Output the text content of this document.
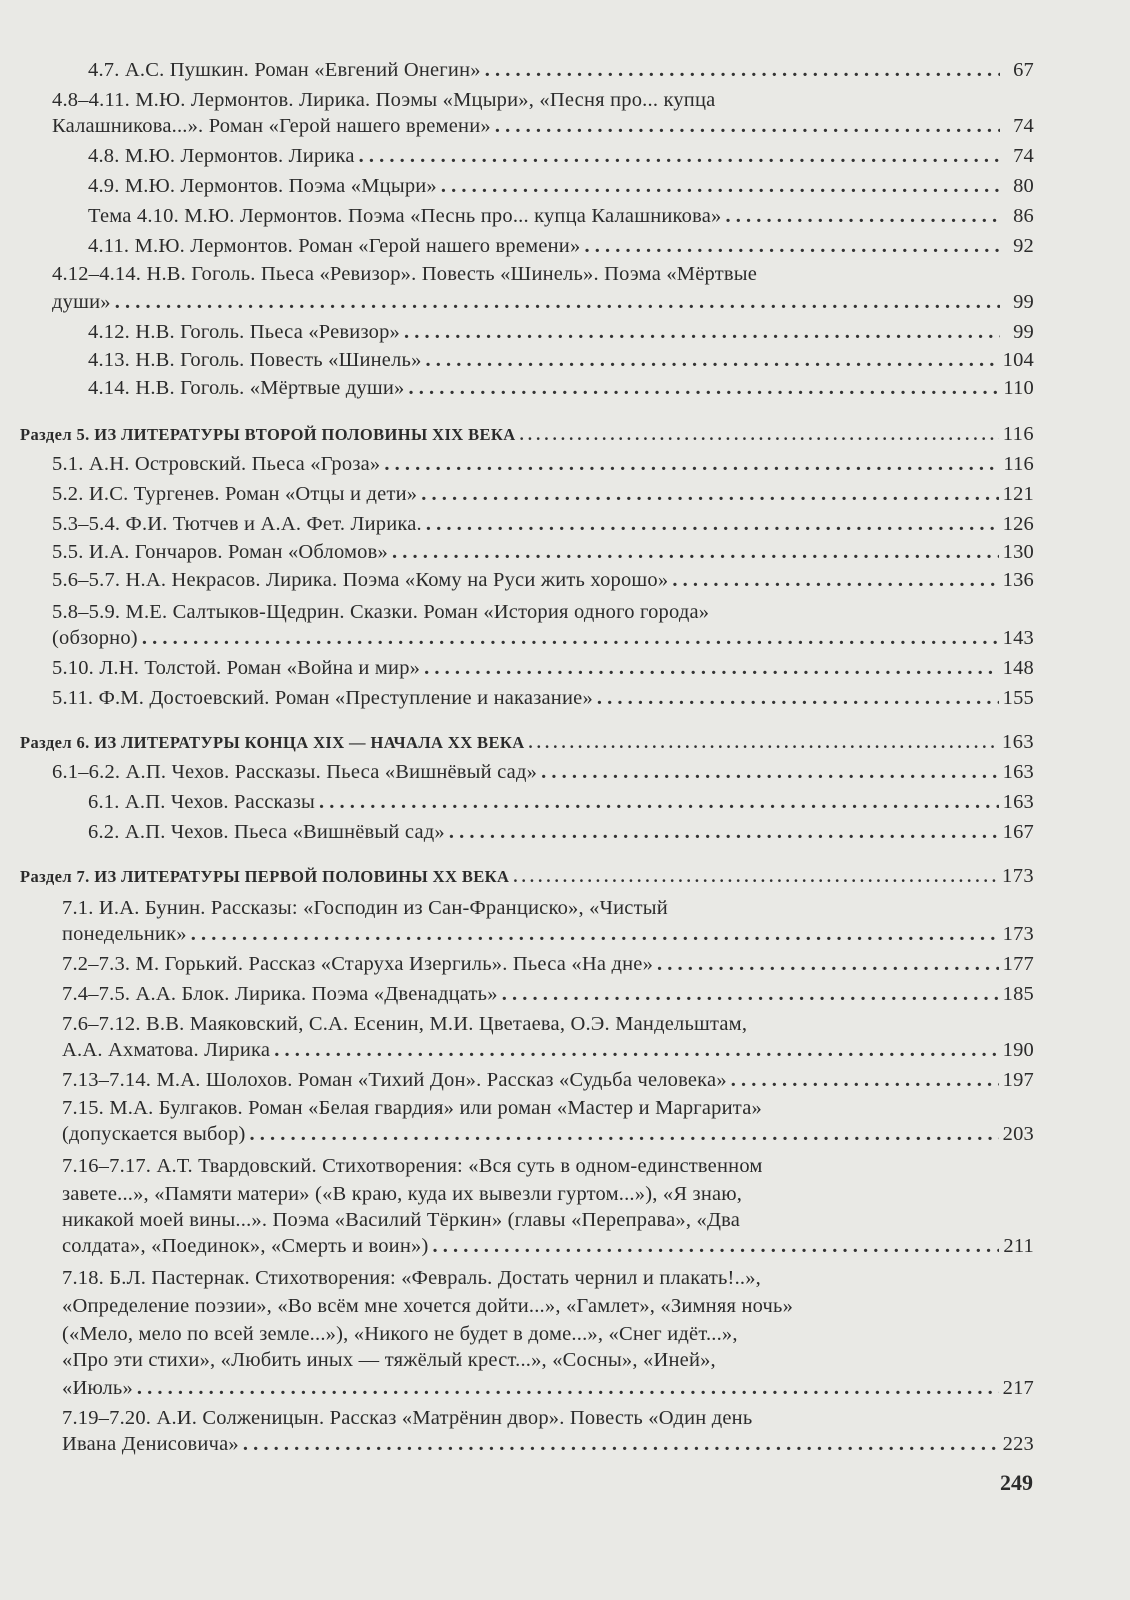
4.7. А.С. Пушкин. Роман «Евгений Онегин» . . .	67
4.8–4.11. М.Ю. Лермонтов. Лирика. Поэмы «Мцыри», «Песня про... купца
Калашникова...». Роман «Герой нашего времени» . . .	74
4.8. М.Ю. Лермонтов. Лирика . . .	74
4.9. М.Ю. Лермонтов. Поэма «Мцыри» . . .	80
Тема 4.10. М.Ю. Лермонтов. Поэма «Песнь про... купца Калашникова» . . .	86
4.11. М.Ю. Лермонтов. Роман «Герой нашего времени» . . .	92
4.12–4.14. Н.В. Гоголь. Пьеса «Ревизор». Повесть «Шинель». Поэма «Мёртвые
души» . . .	99
4.12. Н.В. Гоголь. Пьеса «Ревизор» . . .	99
4.13. Н.В. Гоголь. Повесть «Шинель» . . .	104
4.14. Н.В. Гоголь. «Мёртвые души» . . .	110
Раздел 5. ИЗ ЛИТЕРАТУРЫ ВТОРОЙ ПОЛОВИНЫ XIX ВЕКА . . .	116
5.1. А.Н. Островский. Пьеса «Гроза» . . .	116
5.2. И.С. Тургенев. Роман «Отцы и дети» . . .	121
5.3–5.4. Ф.И. Тютчев и А.А. Фет. Лирика. . . .	126
5.5. И.А. Гончаров. Роман «Обломов» . . .	130
5.6–5.7. Н.А. Некрасов. Лирика. Поэма «Кому на Руси жить хорошо» . . .	136
5.8–5.9. М.Е. Салтыков-Щедрин. Сказки. Роман «История одного города»
(обзорно) . . .	143
5.10. Л.Н. Толстой. Роман «Война и мир» . . .	148
5.11. Ф.М. Достоевский. Роман «Преступление и наказание» . . .	155
Раздел 6. ИЗ ЛИТЕРАТУРЫ КОНЦА XIX — НАЧАЛА XX ВЕКА . . .	163
6.1–6.2. А.П. Чехов. Рассказы. Пьеса «Вишнёвый сад» . . .	163
6.1. А.П. Чехов. Рассказы . . .	163
6.2. А.П. Чехов. Пьеса «Вишнёвый сад» . . .	167
Раздел 7. ИЗ ЛИТЕРАТУРЫ ПЕРВОЙ ПОЛОВИНЫ XX ВЕКА . . .	173
7.1. И.А. Бунин. Рассказы: «Господин из Сан-Франциско», «Чистый
понедельник» . . .	173
7.2–7.3. М. Горький. Рассказ «Старуха Изергиль». Пьеса «На дне» . . .	177
7.4–7.5. А.А. Блок. Лирика. Поэма «Двенадцать» . . .	185
7.6–7.12. В.В. Маяковский, С.А. Есенин, М.И. Цветаева, О.Э. Мандельштам,
А.А. Ахматова. Лирика . . .	190
7.13–7.14. М.А. Шолохов. Роман «Тихий Дон». Рассказ «Судьба человека» . . .	197
7.15. М.А. Булгаков. Роман «Белая гвардия» или роман «Мастер и Маргарита»
(допускается выбор) . . .	203
7.16–7.17. А.Т. Твардовский. Стихотворения: «Вся суть в одном-единственном
завете...», «Памяти матери» («В краю, куда их вывезли гуртом...»), «Я знаю,
никакой моей вины...». Поэма «Василий Тёркин» (главы «Переправа», «Два
солдата», «Поединок», «Смерть и воин») . . .	211
7.18. Б.Л. Пастернак. Стихотворения: «Февраль. Достать чернил и плакать!..»,
«Определение поэзии», «Во всём мне хочется дойти...», «Гамлет», «Зимняя ночь»
(«Мело, мело по всей земле...»), «Никого не будет в доме...», «Снег идёт...»,
«Про эти стихи», «Любить иных — тяжёлый крест...», «Сосны», «Иней»,
«Июль» . . .	217
7.19–7.20. А.И. Солженицын. Рассказ «Матрёнин двор». Повесть «Один день
Ивана Денисовича» . . .	223
249
